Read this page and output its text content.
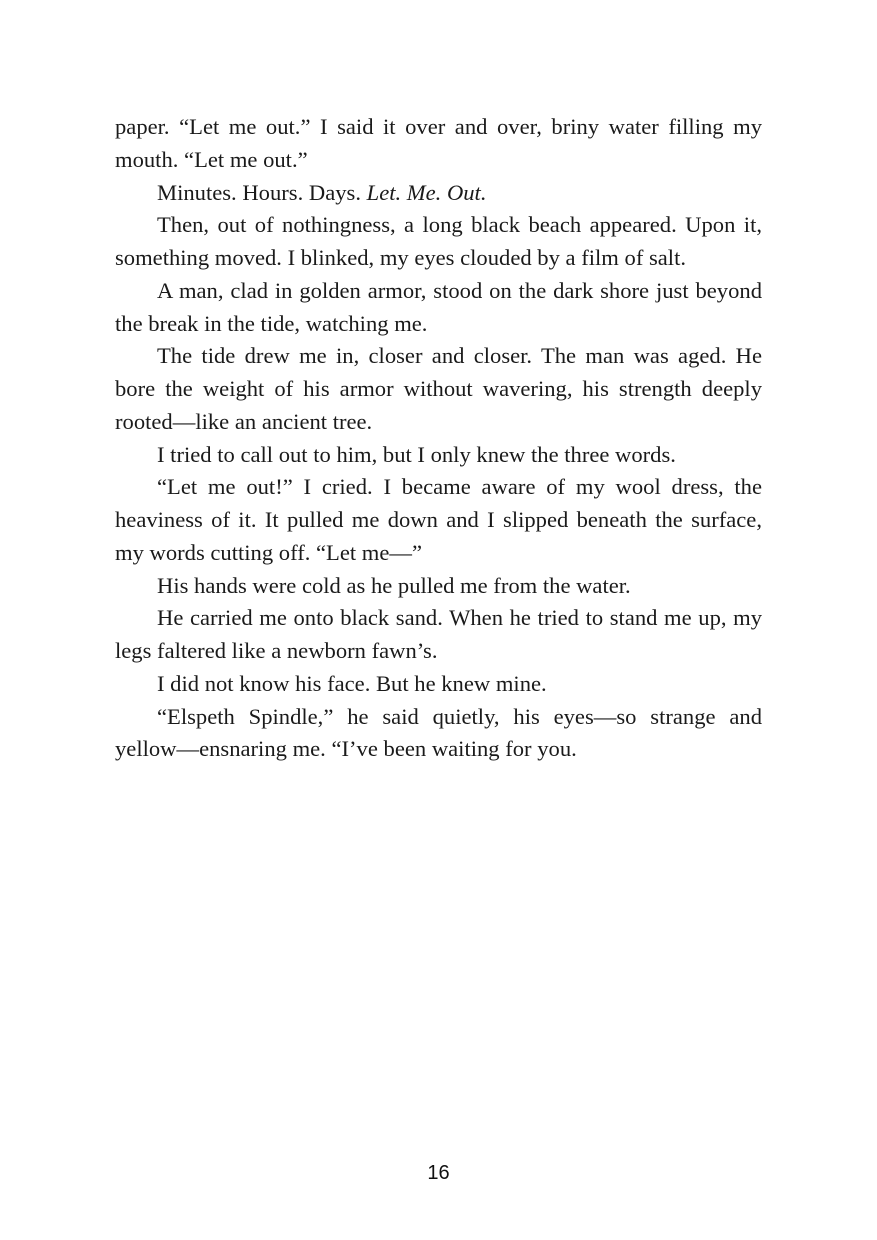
paper. “Let me out.” I said it over and over, briny water filling my mouth. “Let me out.”

Minutes. Hours. Days. Let. Me. Out.

Then, out of nothingness, a long black beach appeared. Upon it, something moved. I blinked, my eyes clouded by a film of salt.

A man, clad in golden armor, stood on the dark shore just beyond the break in the tide, watching me.

The tide drew me in, closer and closer. The man was aged. He bore the weight of his armor without wavering, his strength deeply rooted—like an ancient tree.

I tried to call out to him, but I only knew the three words.

“Let me out!” I cried. I became aware of my wool dress, the heaviness of it. It pulled me down and I slipped beneath the surface, my words cutting off. “Let me—”

His hands were cold as he pulled me from the water.

He carried me onto black sand. When he tried to stand me up, my legs faltered like a newborn fawn’s.

I did not know his face. But he knew mine.

“Elspeth Spindle,” he said quietly, his eyes—so strange and yellow—ensnaring me. “I’ve been waiting for you.

16
